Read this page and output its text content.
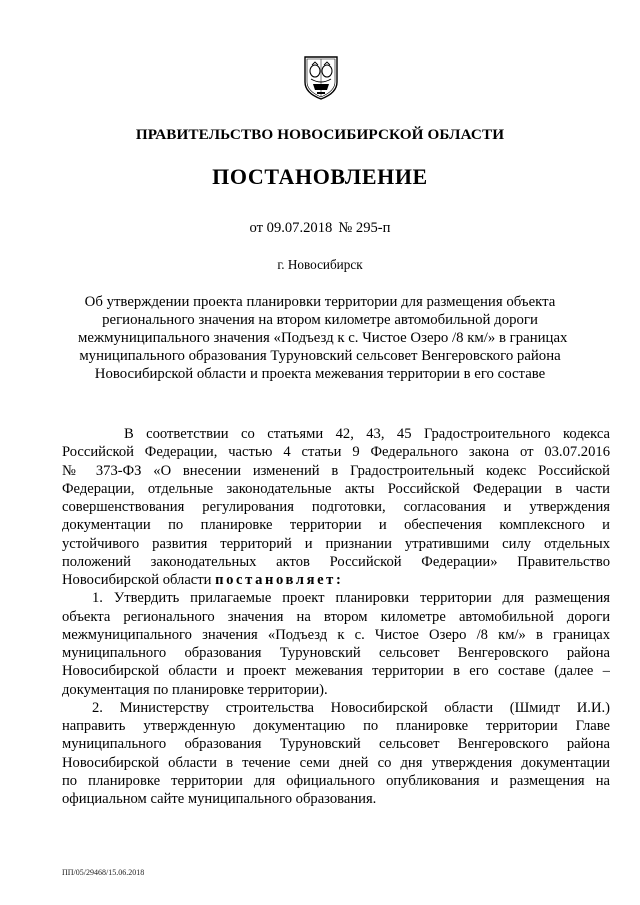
ПРАВИТЕЛЬСТВО НОВОСИБИРСКОЙ ОБЛАСТИ
ПОСТАНОВЛЕНИЕ
от 09.07.2018 № 295-п
г. Новосибирск
Об утверждении проекта планировки территории для размещения объекта
регионального значения на втором километре автомобильной дороги
межмуниципального значения «Подъезд к с. Чистое Озеро /8 км/» в границах
муниципального образования Туруновский сельсовет Венгеровского района
Новосибирской области и проекта межевания территории в его составе
В соответствии со статьями 42, 43, 45 Градостроительного кодекса
Российской Федерации, частью 4 статьи 9 Федерального закона от 03.07.2016
№ 373-ФЗ «О внесении изменений в Градостроительный кодекс Российской
Федерации, отдельные законодательные акты Российской Федерации в части
совершенствования регулирования подготовки, согласования и утверждения
документации по планировке территории и обеспечения комплексного и
устойчивого развития территорий и признании утратившими силу отдельных
положений законодательных актов Российской Федерации» Правительство
Новосибирской области постановляет:
1. Утвердить прилагаемые проект планировки территории для размещения
объекта регионального значения на втором километре автомобильной дороги
межмуниципального значения «Подъезд к с. Чистое Озеро /8 км/» в границах
муниципального образования Туруновский сельсовет Венгеровского района
Новосибирской области и проект межевания территории в его составе (далее –
документация по планировке территории).
2. Министерству строительства Новосибирской области (Шмидт И.И.)
направить утвержденную документацию по планировке территории Главе
муниципального образования Туруновский сельсовет Венгеровского района
Новосибирской области в течение семи дней со дня утверждения документации
по планировке территории для официального опубликования и размещения на
официальном сайте муниципального образования.
ПП/05/29468/15.06.2018
